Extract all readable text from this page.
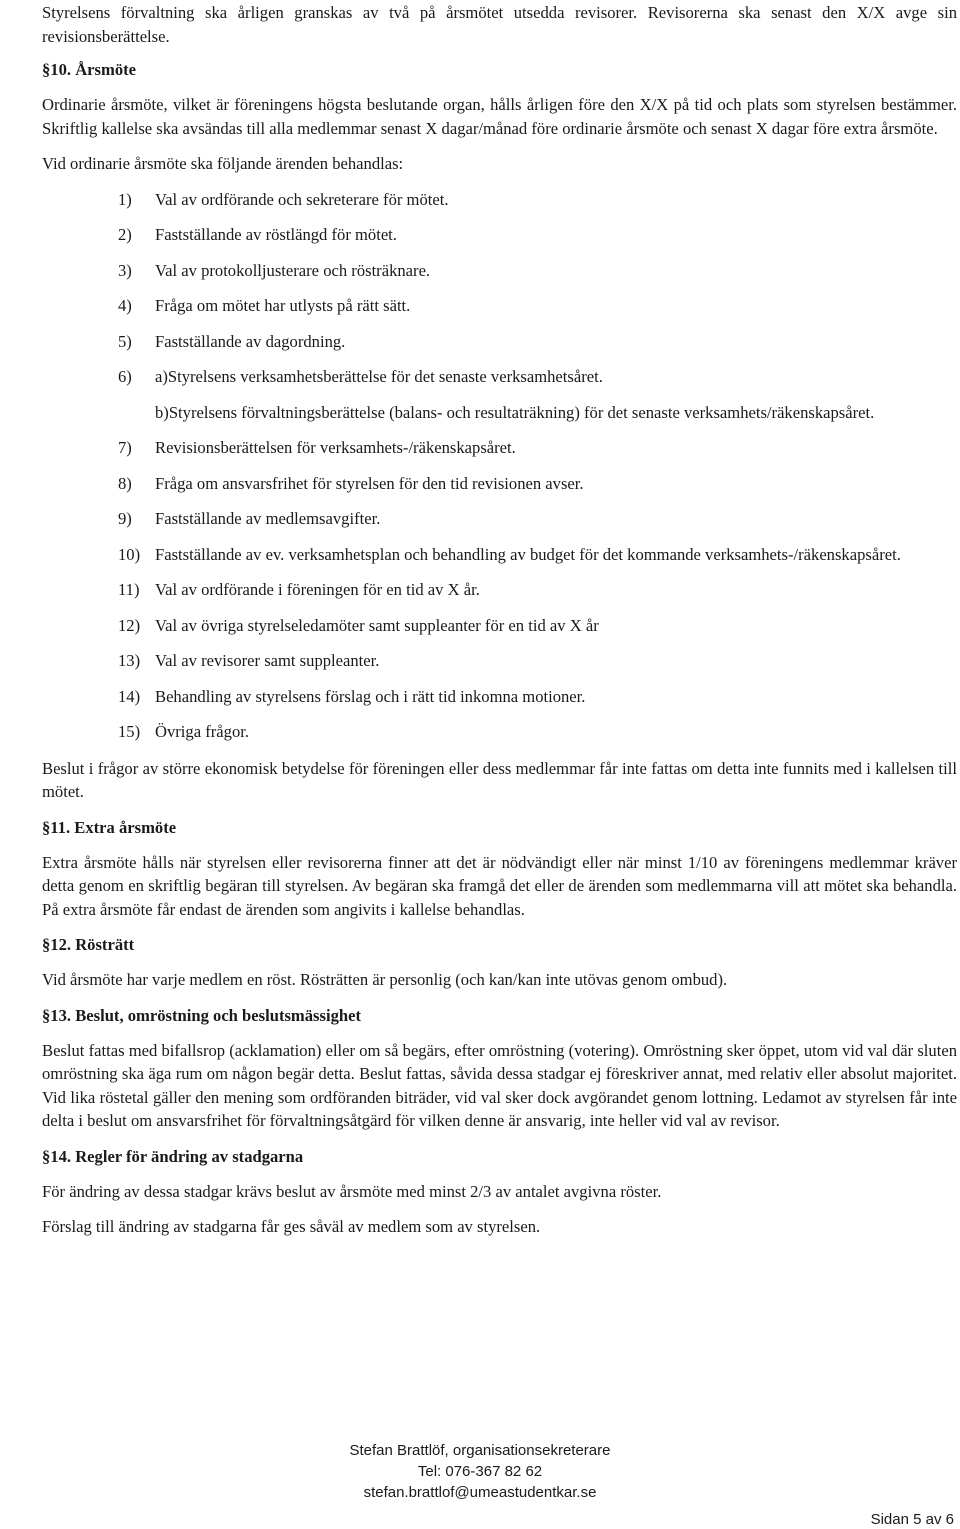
Styrelsens förvaltning ska årligen granskas av två på årsmötet utsedda revisorer. Revisorerna ska senast den X/X avge sin revisionsberättelse.

§10. Årsmöte

Ordinarie årsmöte, vilket är föreningens högsta beslutande organ, hålls årligen före den X/X på tid och plats som styrelsen bestämmer. Skriftlig kallelse ska avsändas till alla medlemmar senast X dagar/månad före ordinarie årsmöte och senast X dagar före extra årsmöte.

Vid ordinarie årsmöte ska följande ärenden behandlas:

1) Val av ordförande och sekreterare för mötet.
2) Fastställande av röstlängd för mötet.
3) Val av protokolljusterare och rösträknare.
4) Fråga om mötet har utlysts på rätt sätt.
5) Fastställande av dagordning.
6) a)Styrelsens verksamhetsberättelse för det senaste verksamhetsåret.
b)Styrelsens förvaltningsberättelse (balans- och resultaträkning) för det senaste verksamhets/räkenskapsåret.
7) Revisionsberättelsen för verksamhets-/räkenskapsåret.
8) Fråga om ansvarsfrihet för styrelsen för den tid revisionen avser.
9) Fastställande av medlemsavgifter.
10) Fastställande av ev. verksamhetsplan och behandling av budget för det kommande verksamhets-/räkenskapsåret.
11) Val av ordförande i föreningen för en tid av X år.
12) Val av övriga styrelseledamöter samt suppleanter för en tid av X år
13) Val av revisorer samt suppleanter.
14) Behandling av styrelsens förslag och i rätt tid inkomna motioner.
15) Övriga frågor.

Beslut i frågor av större ekonomisk betydelse för föreningen eller dess medlemmar får inte fattas om detta inte funnits med i kallelsen till mötet.

§11. Extra årsmöte

Extra årsmöte hålls när styrelsen eller revisorerna finner att det är nödvändigt eller när minst 1/10 av föreningens medlemmar kräver detta genom en skriftlig begäran till styrelsen. Av begäran ska framgå det eller de ärenden som medlemmarna vill att mötet ska behandla. På extra årsmöte får endast de ärenden som angivits i kallelse behandlas.

§12. Rösträtt

Vid årsmöte har varje medlem en röst. Rösträtten är personlig (och kan/kan inte utövas genom ombud).

§13. Beslut, omröstning och beslutsmässighet

Beslut fattas med bifallsrop (acklamation) eller om så begärs, efter omröstning (votering). Omröstning sker öppet, utom vid val där sluten omröstning ska äga rum om någon begär detta. Beslut fattas, såvida dessa stadgar ej föreskriver annat, med relativ eller absolut majoritet. Vid lika röstetal gäller den mening som ordföranden biträder, vid val sker dock avgörandet genom lottning. Ledamot av styrelsen får inte delta i beslut om ansvarsfrihet för förvaltningsåtgärd för vilken denne är ansvarig, inte heller vid val av revisor.

§14. Regler för ändring av stadgarna

För ändring av dessa stadgar krävs beslut av årsmöte med minst 2/3 av antalet avgivna röster.

Förslag till ändring av stadgarna får ges såväl av medlem som av styrelsen.

Stefan Brattlöf, organisationsekreterare
Tel: 076-367 82 62
stefan.brattlof@umeastudentkar.se
Sidan 5 av 6
